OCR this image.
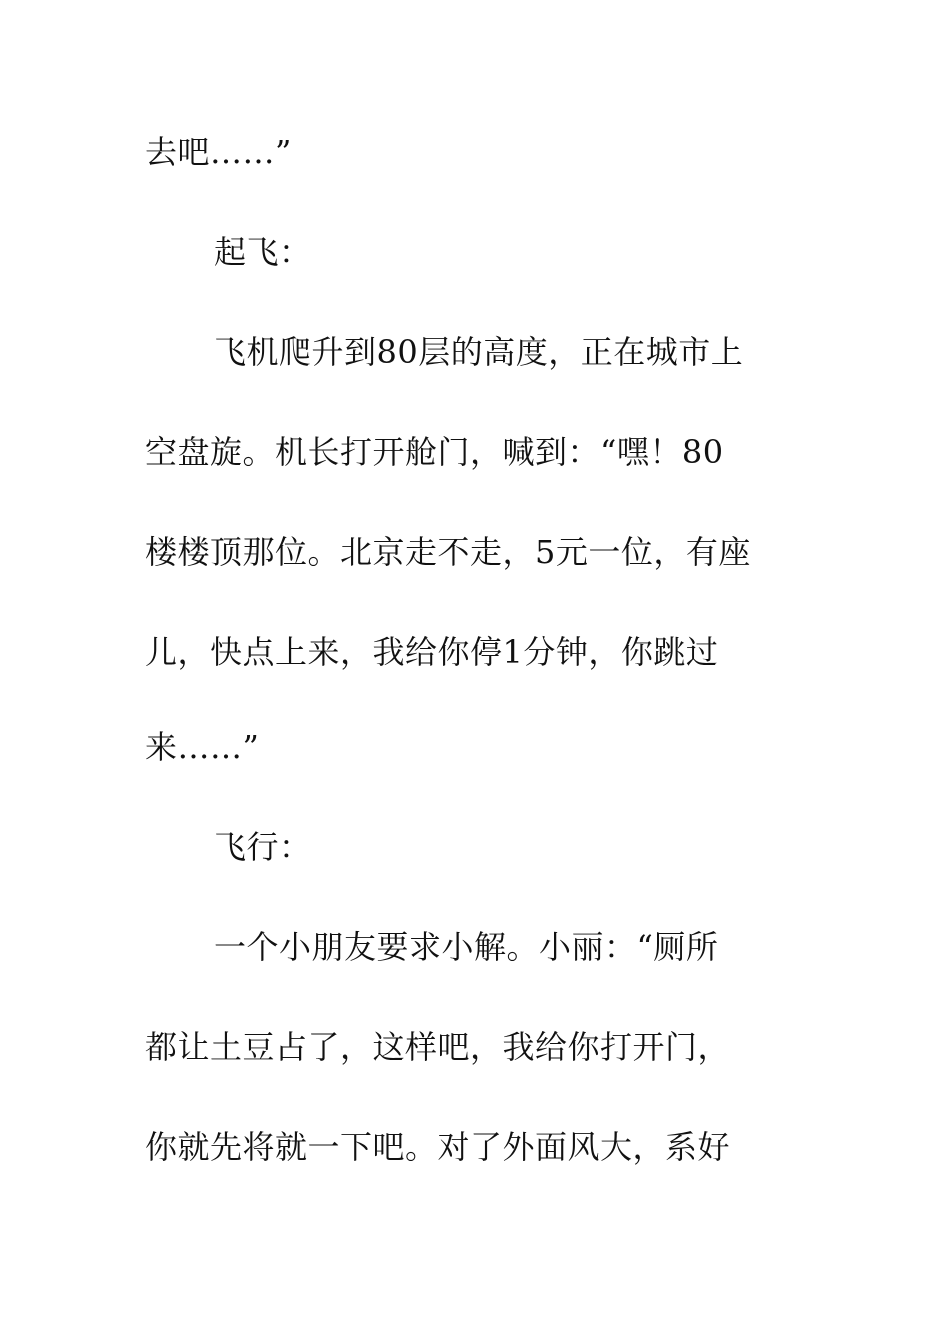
去吧……”
起飞：
飞机爬升到80层的高度，正在城市上
空盘旋。机长打开舱门，喊到：“嘿！80
楼楼顶那位。北京走不走，5元一位，有座
儿，快点上来，我给你停1分钟，你跳过
来……”
飞行：
一个小朋友要求小解。小丽：“厕所
都让土豆占了，这样吧，我给你打开门，
你就先将就一下吧。对了外面风大，系好
